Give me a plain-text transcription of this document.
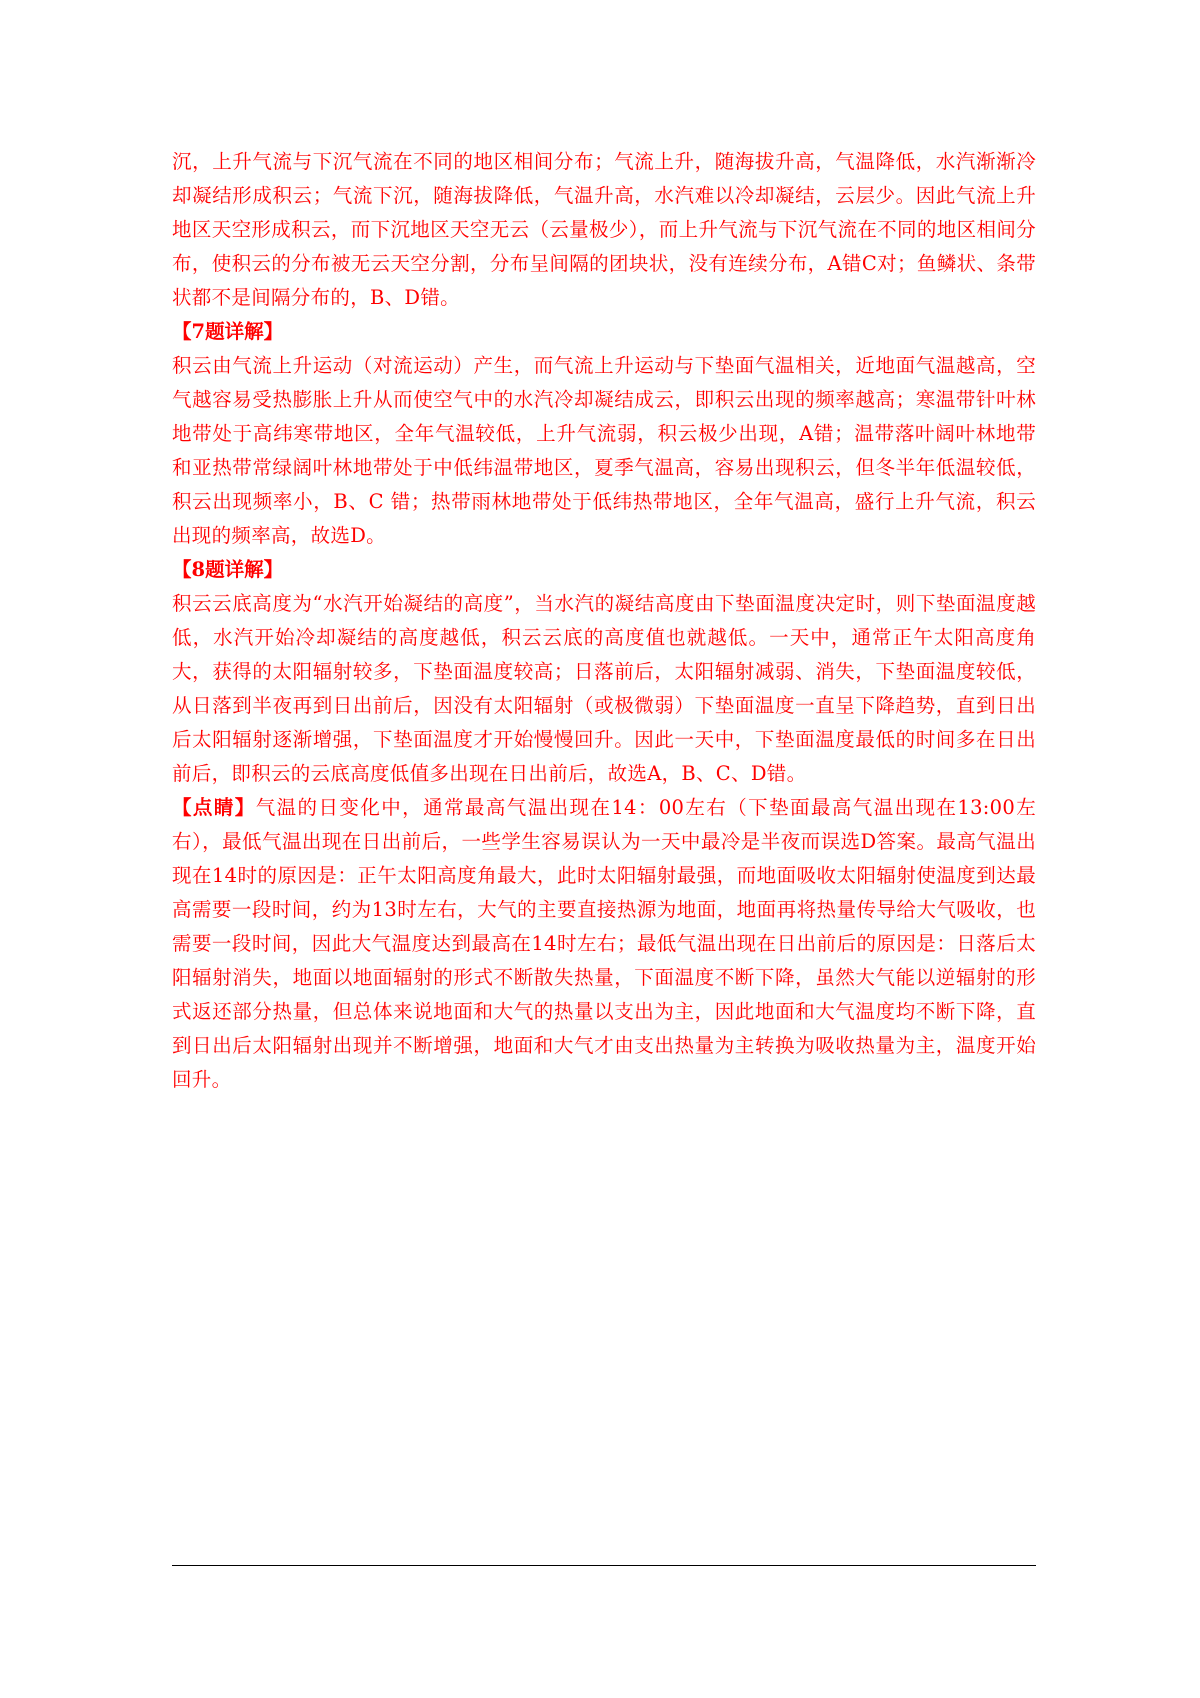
沉，上升气流与下沉气流在不同的地区相间分布；气流上升，随海拔升高，气温降低，水汽渐渐冷却凝结形成积云；气流下沉，随海拔降低，气温升高，水汽难以冷却凝结，云层少。因此气流上升地区天空形成积云，而下沉地区天空无云（云量极少），而上升气流与下沉气流在不同的地区相间分布，使积云的分布被无云天空分割，分布呈间隔的团块状，没有连续分布，A错C对；鱼鳞状、条带状都不是间隔分布的，B、D错。

【7题详解】

积云由气流上升运动（对流运动）产生，而气流上升运动与下垫面气温相关，近地面气温越高，空气越容易受热膨胀上升从而使空气中的水汽冷却凝结成云，即积云出现的频率越高；寒温带针叶林地带处于高纬寒带地区，全年气温较低，上升气流弱，积云极少出现，A错；温带落叶阔叶林地带和亚热带常绿阔叶林地带处于中低纬温带地区，夏季气温高，容易出现积云，但冬半年低温较低，积云出现频率小，B、C 错；热带雨林地带处于低纬热带地区，全年气温高，盛行上升气流，积云出现的频率高，故选D。

【8题详解】

积云云底高度为“水汽开始凝结的高度”，当水汽的凝结高度由下垫面温度决定时，则下垫面温度越低，水汽开始冷却凝结的高度越低，积云云底的高度值也就越低。一天中，通常正午太阳高度角大，获得的太阳辐射较多，下垫面温度较高；日落前后，太阳辐射减弱、消失，下垫面温度较低，从日落到半夜再到日出前后，因没有太阳辐射（或极微弱）下垫面温度一直呈下降趋势，直到日出后太阳辐射逐渐增强，下垫面温度才开始慢慢回升。因此一天中，下垫面温度最低的时间多在日出前后，即积云的云底高度低值多出现在日出前后，故选A，B、C、D错。

【点睛】气温的日变化中，通常最高气温出现在14：00左右（下垫面最高气温出现在13:00左右），最低气温出现在日出前后，一些学生容易误认为一天中最冷是半夜而误选D答案。最高气温出现在14时的原因是：正午太阳高度角最大，此时太阳辐射最强，而地面吸收太阳辐射使温度到达最高需要一段时间，约为13时左右，大气的主要直接热源为地面，地面再将热量传导给大气吸收，也需要一段时间，因此大气温度达到最高在14时左右；最低气温出现在日出前后的原因是：日落后太阳辐射消失，地面以地面辐射的形式不断散失热量，下面温度不断下降，虽然大气能以逆辐射的形式返还部分热量，但总体来说地面和大气的热量以支出为主，因此地面和大气温度均不断下降，直到日出后太阳辐射出现并不断增强，地面和大气才由支出热量为主转换为吸收热量为主，温度开始回升。
